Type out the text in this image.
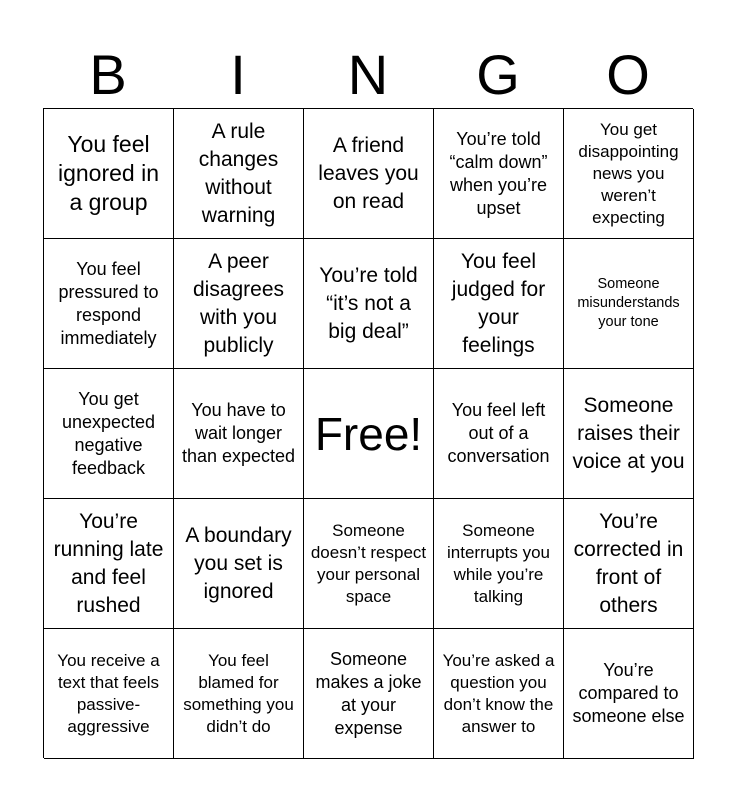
B	I	N	G	O
You feel ignored in a group
A rule changes without warning
A friend leaves you on read
You’re told “calm down” when you’re upset
You get disappointing news you weren’t expecting
You feel pressured to respond immediately
A peer disagrees with you publicly
You’re told “it’s not a big deal”
You feel judged for your feelings
Someone misunderstands your tone
You get unexpected negative feedback
You have to wait longer than expected Free!	You feel left out of a conversation
Someone raises their voice at you
You’re running late and feel rushed
A boundary you set is ignored
Someone doesn’t respect your personal space
Someone interrupts you while you’re talking
You’re corrected in front of others
You receive a text that feels passive-aggressive
You feel blamed for something you didn’t do
Someone makes a joke at your expense
You’re asked a question you don’t know the answer to
You’re compared to someone else
